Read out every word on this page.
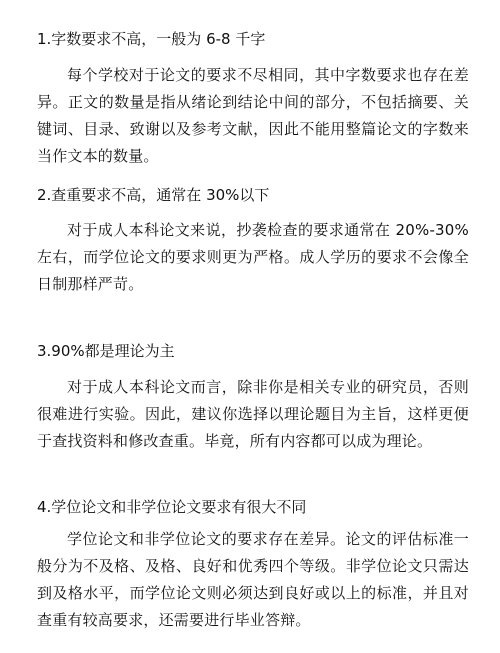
1.字数要求不高，一般为 6-8 千字
每个学校对于论文的要求不尽相同，其中字数要求也存在差异。正文的数量是指从绪论到结论中间的部分，不包括摘要、关键词、目录、致谢以及参考文献，因此不能用整篇论文的字数来当作文本的数量。
2.查重要求不高，通常在 30%以下
对于成人本科论文来说，抄袭检查的要求通常在 20%-30%左右，而学位论文的要求则更为严格。成人学历的要求不会像全日制那样严苛。
3.90%都是理论为主
对于成人本科论文而言，除非你是相关专业的研究员，否则很难进行实验。因此，建议你选择以理论题目为主旨，这样更便于查找资料和修改查重。毕竟，所有内容都可以成为理论。
4.学位论文和非学位论文要求有很大不同
学位论文和非学位论文的要求存在差异。论文的评估标准一般分为不及格、及格、良好和优秀四个等级。非学位论文只需达到及格水平，而学位论文则必须达到良好或以上的标准，并且对查重有较高要求，还需要进行毕业答辩。
